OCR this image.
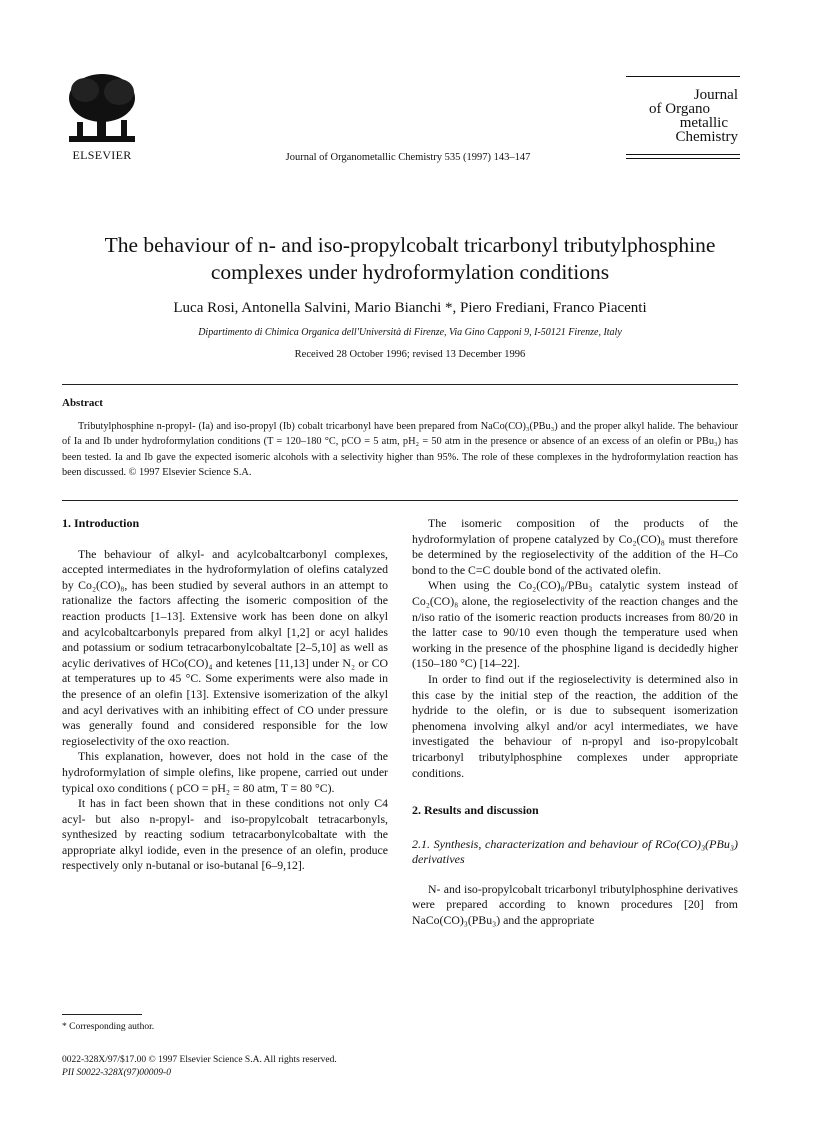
ELSEVIER	Journal of Organometallic Chemistry 535 (1997) 143–147
Journal
of Organo
metallic
Chemistry
The behaviour of n- and iso-propylcobalt tricarbonyl tributylphosphine
complexes under hydroformylation conditions
Luca Rosi, Antonella Salvini, Mario Bianchi *, Piero Frediani, Franco Piacenti
Dipartimento di Chimica Organica dell'Università di Firenze, Via Gino Capponi 9, I-50121 Firenze, Italy
Received 28 October 1996; revised 13 December 1996
Abstract

Tributylphosphine n-propyl- (Ia) and iso-propyl (Ib) cobalt tricarbonyl have been prepared from NaCo(CO)₃(PBu₃) and the proper alkyl halide. The behaviour of Ia and Ib under hydroformylation conditions (T = 120–180 °C, pCO = 5 atm, pH₂ = 50 atm in the presence or absence of an excess of an olefin or PBu₃) has been tested. Ia and Ib gave the expected isomeric alcohols with a selectivity higher than 95%. The role of these complexes in the hydroformylation reaction has been discussed. © 1997 Elsevier Science S.A.

1. Introduction

The behaviour of alkyl- and acylcobaltcarbonyl complexes, accepted intermediates in the hydroformylation of olefins catalyzed by Co₂(CO)₈, has been studied by several authors in an attempt to rationalize the factors affecting the isomeric composition of the reaction products [1–13]. Extensive work has been done on alkyl and acylcobaltcarbonyls prepared from alkyl [1,2] or acyl halides and potassium or sodium tetracarbonylcobaltate [2–5,10] as well as acylic derivatives of HCo(CO)₄ and ketenes [11,13] under N₂ or CO at temperatures up to 45 °C. Some experiments were also made in the presence of an olefin [13]. Extensive isomerization of the alkyl and acyl derivatives with an inhibiting effect of CO under pressure was generally found and considered responsible for the low regioselectivity of the oxo reaction.

This explanation, however, does not hold in the case of the hydroformylation of simple olefins, like propene, carried out under typical oxo conditions ( pCO = pH₂ = 80 atm, T = 80 °C).

It has in fact been shown that in these conditions not only C4 acyl- but also n-propyl- and iso-propylcobalt tetracarbonyls, synthesized by reacting sodium tetracarbonylcobaltate with the appropriate alkyl iodide, even in the presence of an olefin, produce respectively only n-butanal or iso-butanal [6–9,12].

* Corresponding author.
0022-328X/97/$17.00 © 1997 Elsevier Science S.A. All rights reserved.
PII S0022-328X(97)00009-0

The isomeric composition of the products of the hydroformylation of propene catalyzed by Co₂(CO)₈ must therefore be determined by the regioselectivity of the addition of the H–Co bond to the C=C double bond of the activated olefin.

When using the Co₂(CO)₈/PBu₃ catalytic system instead of Co₂(CO)₈ alone, the regioselectivity of the reaction changes and the n/iso ratio of the isomeric reaction products increases from 80/20 in the latter case to 90/10 even though the temperature used when working in the presence of the phosphine ligand is decidedly higher (150–180 °C) [14–22].

In order to find out if the regioselectivity is determined also in this case by the initial step of the reaction, the addition of the hydride to the olefin, or is due to subsequent isomerization phenomena involving alkyl and/or acyl intermediates, we have investigated the behaviour of n-propyl and iso-propylcobalt tricarbonyl tributylphosphine complexes under appropriate conditions.

2. Results and discussion
2.1. Synthesis, characterization and behaviour of RCo(CO)₃(PBu₃) derivatives

N- and iso-propylcobalt tricarbonyl tributylphosphine derivatives were prepared according to known procedures [20] from NaCo(CO)₃(PBu₃) and the appropriate
